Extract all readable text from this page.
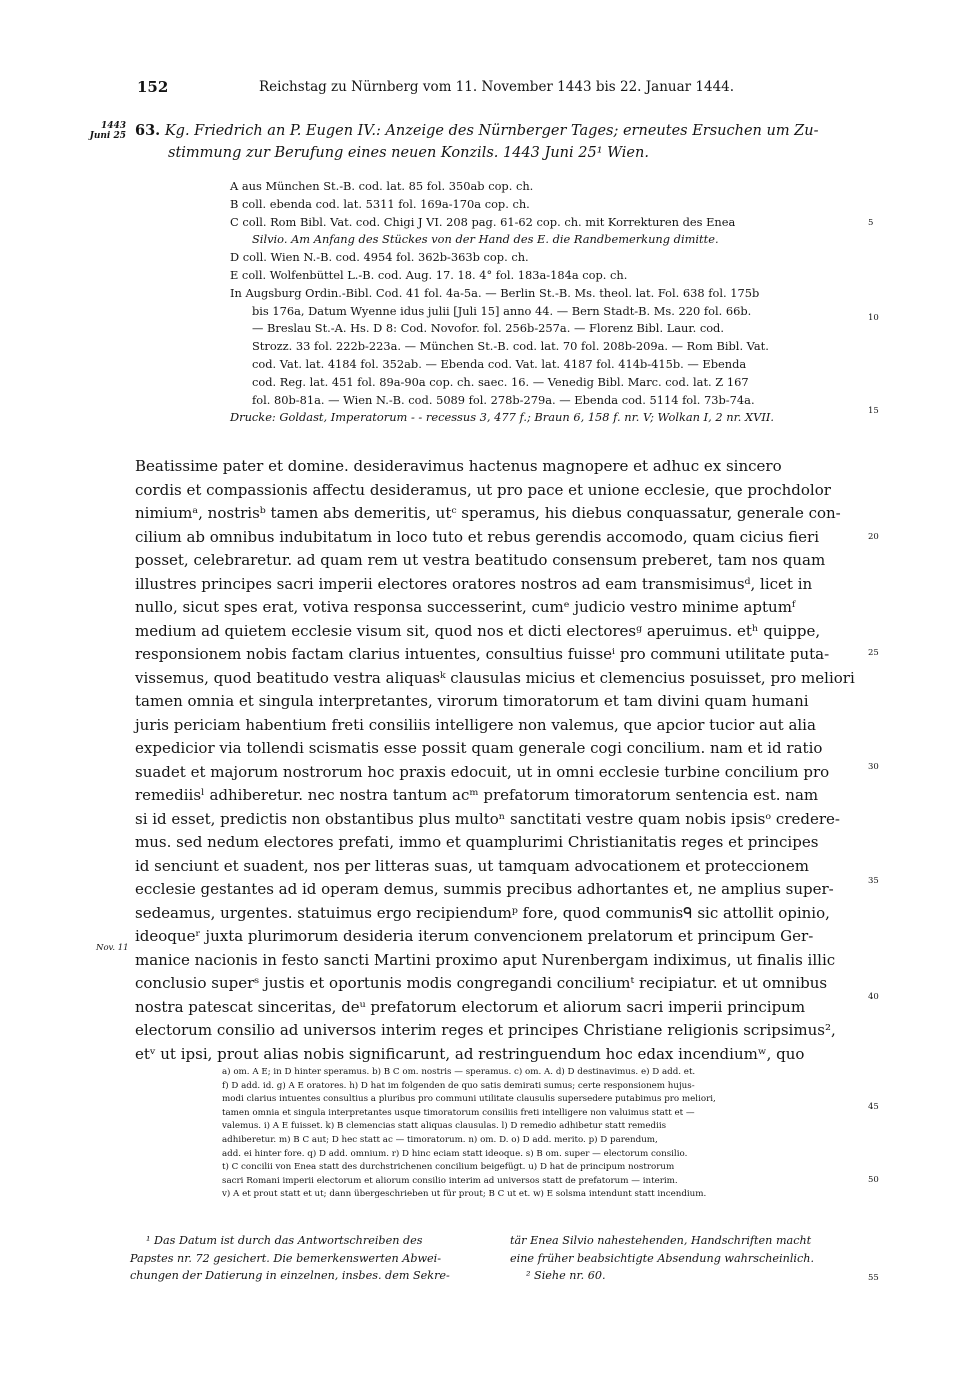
152	Reichstag zu Nürnberg vom 11. November 1443 bis 22. Januar 1444.
1443
Juni 25 63. Kg. Friedrich an P. Eugen IV.: Anzeige des Nürnberger Tages; erneutes Ersuchen um Zu-
stimmung zur Berufung eines neuen Konzils. 1443 Juni 25¹ Wien.
A aus München St.-B. cod. lat. 85 fol. 350ab cop. ch.
B coll. ebenda cod. lat. 5311 fol. 169a-170a cop. ch.
C coll. Rom Bibl. Vat. cod. Chigi J VI. 208 pag. 61-62 cop. ch. mit Korrekturen des Enea
Silvio. Am Anfang des Stückes von der Hand des E. die Randbemerkung dimitte.
D coll. Wien N.-B. cod. 4954 fol. 362b-363b cop. ch.
E coll. Wolfenbüttel L.-B. cod. Aug. 17. 18. 4° fol. 183a-184a cop. ch.
In Augsburg Ordin.-Bibl. Cod. 41 fol. 4a-5a. — Berlin St.-B. Ms. theol. lat. Fol. 638 fol. 175b
bis 176a, Datum Wyenne idus julii [Juli 15] anno 44. — Bern Stadt-B. Ms. 220 fol. 66b.
— Breslau St.-A. Hs. D 8: Cod. Novofor. fol. 256b-257a. — Florenz Bibl. Laur. cod.
Strozz. 33 fol. 222b-223a. — München St.-B. cod. lat. 70 fol. 208b-209a. — Rom Bibl. Vat.
cod. Vat. lat. 4184 fol. 352ab. — Ebenda cod. Vat. lat. 4187 fol. 414b-415b. — Ebenda
cod. Reg. lat. 451 fol. 89a-90a cop. ch. saec. 16. — Venedig Bibl. Marc. cod. lat. Z 167
fol. 80b-81a. — Wien N.-B. cod. 5089 fol. 278b-279a. — Ebenda cod. 5114 fol. 73b-74a.
Drucke: Goldast, Imperatorum - - recessus 3, 477 f.; Braun 6, 158 f. nr. V; Wolkan I, 2 nr. XVII.
5
10
15
Beatissime pater et domine. desideravimus hactenus magnopere et adhuc ex sincero
cordis et compassionis affectu desideramus, ut pro pace et unione ecclesie, que prochdolor
nimiumᵃ, nostrisᵇ tamen abs demeritis, utᶜ speramus, his diebus conquassatur, generale con-
cilium ab omnibus indubitatum in loco tuto et rebus gerendis accomodo, quam cicius fieri
posset, celebraretur. ad quam rem ut vestra beatitudo consensum preberet, tam nos quam
illustres principes sacri imperii electores oratores nostros ad eam transmisimusᵈ, licet in
nullo, sicut spes erat, votiva responsa successerint, cumᵉ judicio vestro minime aptumᶠ
medium ad quietem ecclesie visum sit, quod nos et dicti electoresᵍ aperuimus. etʰ quippe,
responsionem nobis factam clarius intuentes, consultius fuisseⁱ pro communi utilitate puta-
vissemus, quod beatitudo vestra aliquasᵏ clausulas micius et clemencius posuisset, pro meliori
tamen omnia et singula interpretantes, virorum timoratorum et tam divini quam humani
juris periciam habentium freti consiliis intelligere non valemus, que apcior tucior aut alia
expedicior via tollendi scismatis esse possit quam generale cogi concilium. nam et id ratio
suadet et majorum nostrorum hoc praxis edocuit, ut in omni ecclesie turbine concilium pro
remediisˡ adhiberetur. nec nostra tantum acᵐ prefatorum timoratorum sentencia est. nam
si id esset, predictis non obstantibus plus multoⁿ sanctitati vestre quam nobis ipsisᵒ credere-
mus. sed nedum electores prefati, immo et quamplurimi Christianitatis reges et principes
id senciunt et suadent, nos per litteras suas, ut tamquam advocationem et proteccionem
ecclesie gestantes ad id operam demus, summis precibus adhortantes et, ne amplius super-
sedeamus, urgentes. statuimus ergo recipiendumᵖ fore, quod communisᑫ sic attollit opinio,
ideoqueʳ juxta plurimorum desideria iterum convencionem prelatorum et principum Ger-
manice nacionis in festo sancti Martini proximo aput Nurenbergam indiximus, ut finalis illic
conclusio superˢ justis et oportunis modis congregandi conciliumᵗ recipiatur. et ut omnibus
nostra patescat sinceritas, deᵘ prefatorum electorum et aliorum sacri imperii principum
electorum consilio ad universos interim reges et principes Christiane religionis scripsimus²,
etᵛ ut ipsi, prout alias nobis significarunt, ad restringuendum hoc edax incendiumʷ, quo
20
25
30
35
40
Nov. 11
a) om. A E; in D hinter speramus. b) B C om. nostris — speramus. c) om. A. d) D destinavimus. e) D add. et.
f) D add. id. g) A E oratores. h) D hat im folgenden de quo satis demirati sumus; certe responsionem hujus-
modi clarius intuentes consultius a pluribus pro communi utilitate clausulis supersedere putabimus pro meliori,
tamen omnia et singula interpretantes usque timoratorum consiliis freti intelligere non valuimus statt et —
valemus. i) A E fuisset. k) B clemencias statt aliquas clausulas. l) D remedio adhibetur statt remediis
adhiberetur. m) B C aut; D hec statt ac — timoratorum. n) om. D. o) D add. merito. p) D parendum,
add. ei hinter fore. q) D add. omnium. r) D hinc eciam statt ideoque. s) B om. super — electorum consilio.
t) C concilii von Enea statt des durchstrichenen concilium beigefügt. u) D hat de principum nostrorum
sacri Romani imperii electorum et aliorum consilio interim ad universos statt de prefatorum — interim.
v) A et prout statt et ut; dann übergeschrieben ut für prout; B C ut et. w) E solsma intendunt statt incendium.
45
50
¹ Das Datum ist durch das Antwortschreiben des
Papstes nr. 72 gesichert. Die bemerkenswerten Abwei-
chungen der Datierung in einzelnen, insbes. dem Sekre-
tär Enea Silvio nahestehenden, Handschriften macht
eine früher beabsichtigte Absendung wahrscheinlich.
² Siehe nr. 60.	55
